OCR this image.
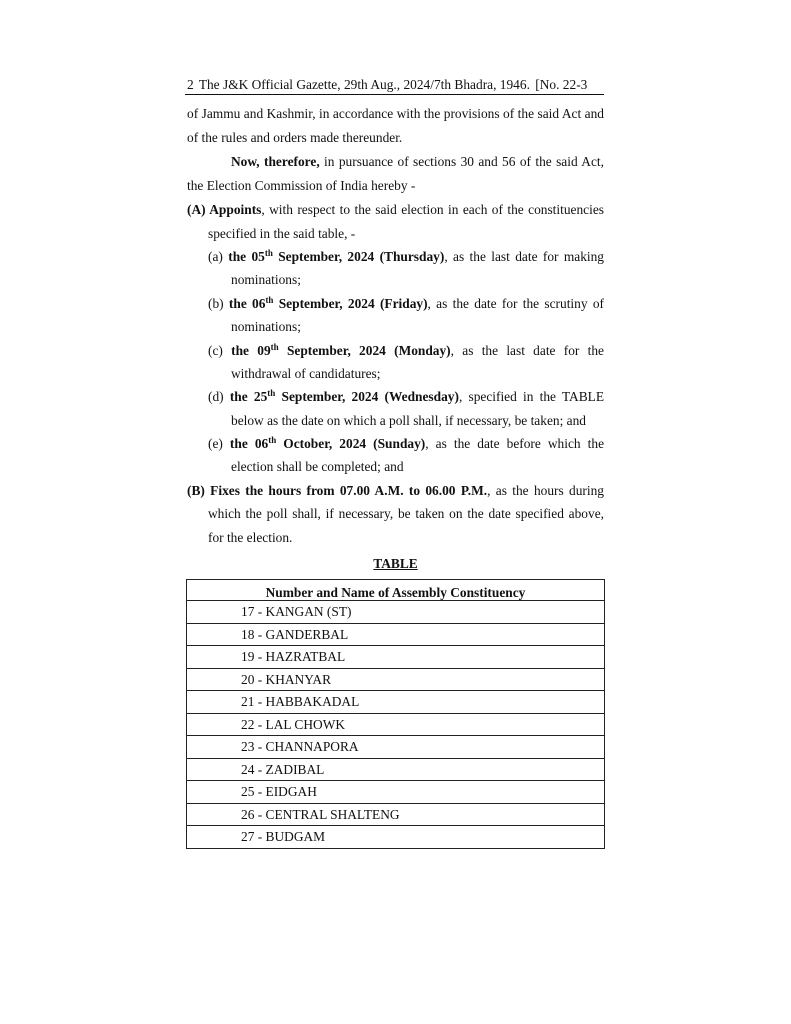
2 The J&K Official Gazette, 29th Aug., 2024/7th Bhadra, 1946. [No. 22-3
of Jammu and Kashmir, in accordance with the provisions of the said Act and
of the rules and orders made thereunder.
Now, therefore, in pursuance of sections 30 and 56 of the said Act,
the Election Commission of India hereby -
(A) Appoints, with respect to the said election in each of the constituencies
specified in the said table, -
(a) the 05th September, 2024 (Thursday), as the last date for making
nominations;
(b) the 06th September, 2024 (Friday), as the date for the scrutiny of
nominations;
(c) the 09th September, 2024 (Monday), as the last date for the
withdrawal of candidatures;
(d) the 25th September, 2024 (Wednesday), specified in the TABLE
below as the date on which a poll shall, if necessary, be taken; and
(e) the 06th October, 2024 (Sunday), as the date before which the
election shall be completed; and
(B) Fixes the hours from 07.00 A.M. to 06.00 P.M., as the hours during
which the poll shall, if necessary, be taken on the date specified above,
for the election.
TABLE
Number and Name of Assembly Constituency
17 - KANGAN (ST)
18 - GANDERBAL
19 - HAZRATBAL
20 - KHANYAR
21 - HABBAKADAL
22 - LAL CHOWK
23 - CHANNAPORA
24 - ZADIBAL
25 - EIDGAH
26 - CENTRAL SHALTENG
27 - BUDGAM
